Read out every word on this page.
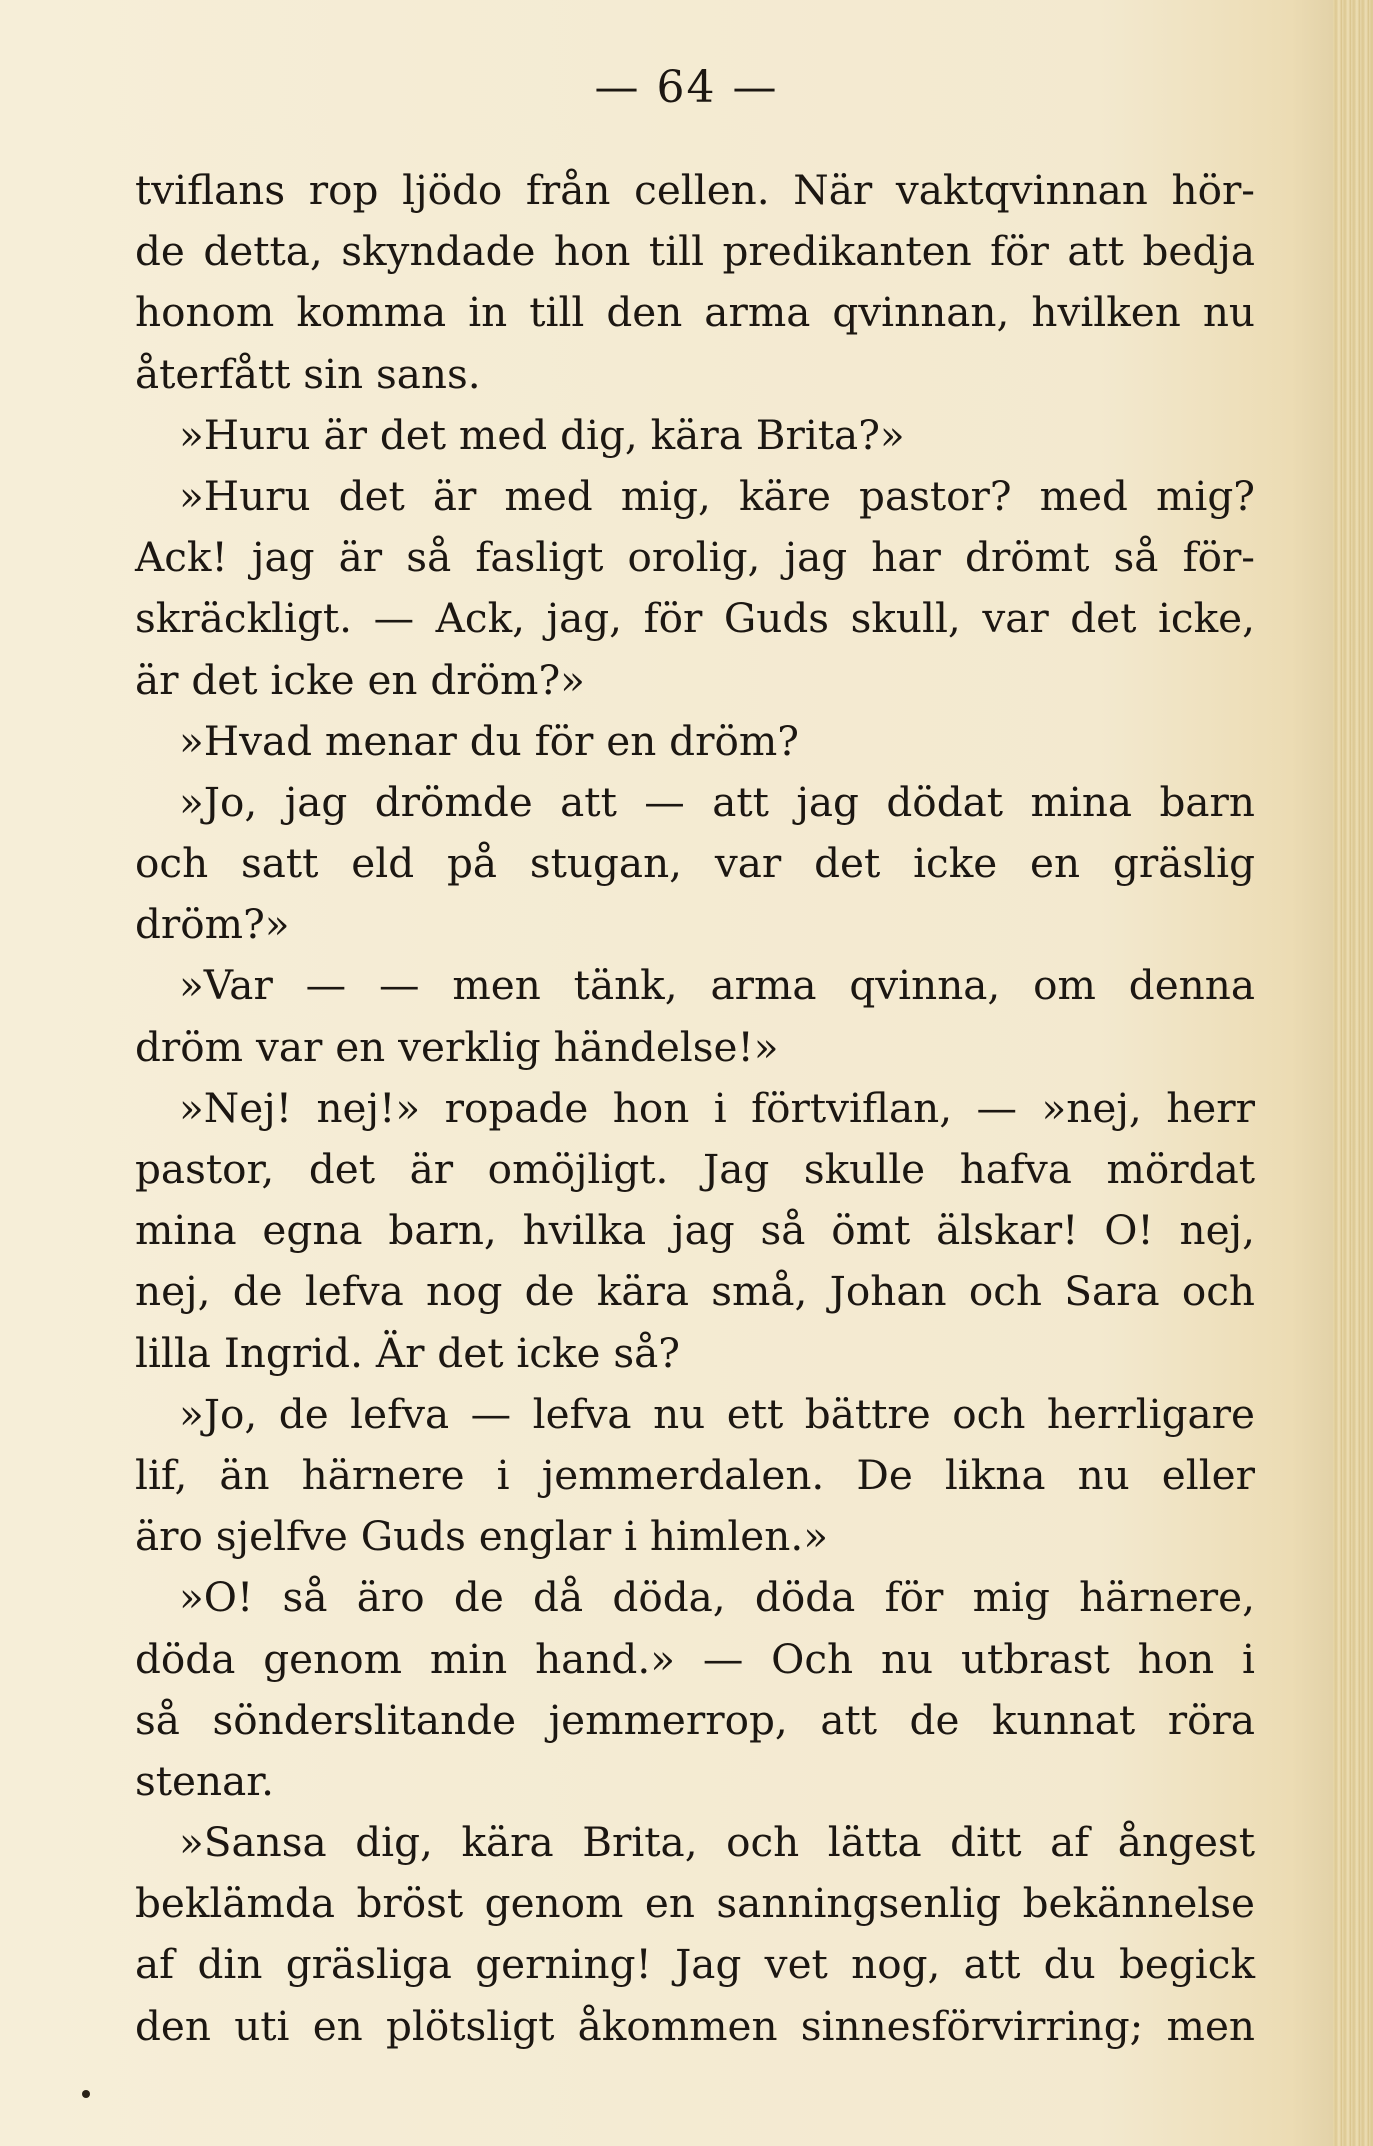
— 64 —
tviflans rop ljödo från cellen. När vaktqvinnan hör-
de detta, skyndade hon till predikanten för att bedja
honom komma in till den arma qvinnan, hvilken nu
återfått sin sans.
»Huru är det med dig, kära Brita?»
»Huru det är med mig, käre pastor? med mig?
Ack! jag är så fasligt orolig, jag har drömt så för-
skräckligt. — Ack, jag, för Guds skull, var det icke,
är det icke en dröm?»
»Hvad menar du för en dröm?
»Jo, jag drömde att — att jag dödat mina barn
och satt eld på stugan, var det icke en gräslig
dröm?»
»Var — — men tänk, arma qvinna, om denna
dröm var en verklig händelse!»
»Nej! nej!» ropade hon i förtviflan, — »nej, herr
pastor, det är omöjligt. Jag skulle hafva mördat
mina egna barn, hvilka jag så ömt älskar! O! nej,
nej, de lefva nog de kära små, Johan och Sara och
lilla Ingrid. Är det icke så?
»Jo, de lefva — lefva nu ett bättre och herrligare
lif, än härnere i jemmerdalen. De likna nu eller
äro sjelfve Guds englar i himlen.»
»O! så äro de då döda, döda för mig härnere,
döda genom min hand.» — Och nu utbrast hon i
så sönderslitande jemmerrop, att de kunnat röra
stenar.
»Sansa dig, kära Brita, och lätta ditt af ångest
beklämda bröst genom en sanningsenlig bekännelse
af din gräsliga gerning! Jag vet nog, att du begick
den uti en plötsligt åkommen sinnesförvirring; men
